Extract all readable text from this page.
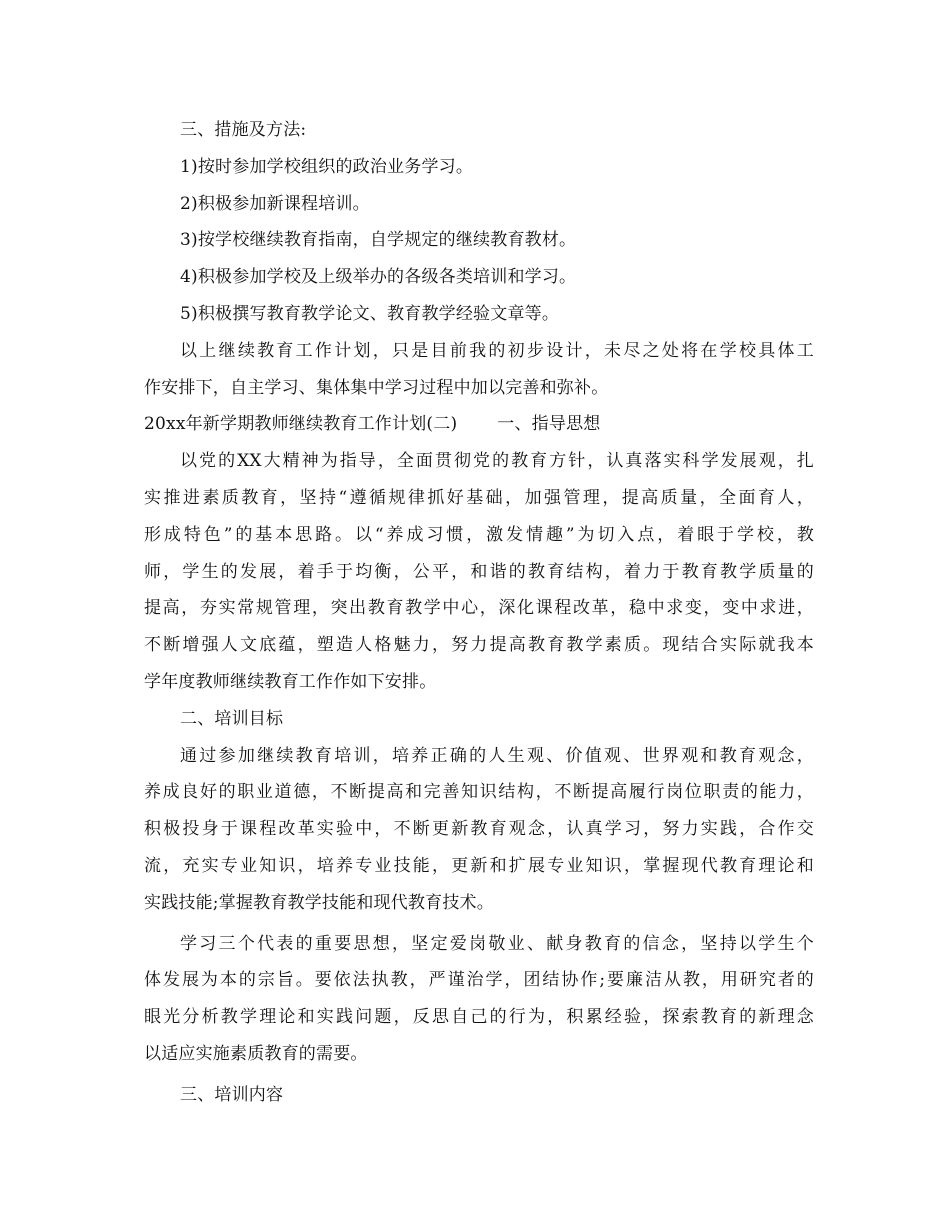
三、措施及方法:
1)按时参加学校组织的政治业务学习。
2)积极参加新课程培训。
3)按学校继续教育指南，自学规定的继续教育教材。
4)积极参加学校及上级举办的各级各类培训和学习。
5)积极撰写教育教学论文、教育教学经验文章等。
以上继续教育工作计划，只是目前我的初步设计，未尽之处将在学校具体工
作安排下，自主学习、集体集中学习过程中加以完善和弥补。
20xx年新学期教师继续教育工作计划(二) 一、指导思想
以党的XX大精神为指导，全面贯彻党的教育方针，认真落实科学发展观，扎
实推进素质教育，坚持“遵循规律抓好基础，加强管理，提高质量，全面育人，
形成特色”的基本思路。以“养成习惯，激发情趣”为切入点，着眼于学校，教
师，学生的发展，着手于均衡，公平，和谐的教育结构，着力于教育教学质量的
提高，夯实常规管理，突出教育教学中心，深化课程改革，稳中求变，变中求进，
不断增强人文底蕴，塑造人格魅力，努力提高教育教学素质。现结合实际就我本
学年度教师继续教育工作作如下安排。
二、培训目标
通过参加继续教育培训，培养正确的人生观、价值观、世界观和教育观念，
养成良好的职业道德，不断提高和完善知识结构，不断提高履行岗位职责的能力，
积极投身于课程改革实验中，不断更新教育观念，认真学习，努力实践，合作交
流，充实专业知识，培养专业技能，更新和扩展专业知识，掌握现代教育理论和
实践技能;掌握教育教学技能和现代教育技术。
学习三个代表的重要思想，坚定爱岗敬业、献身教育的信念，坚持以学生个
体发展为本的宗旨。要依法执教，严谨治学，团结协作;要廉洁从教，用研究者的
眼光分析教学理论和实践问题，反思自己的行为，积累经验，探索教育的新理念
以适应实施素质教育的需要。
三、培训内容
